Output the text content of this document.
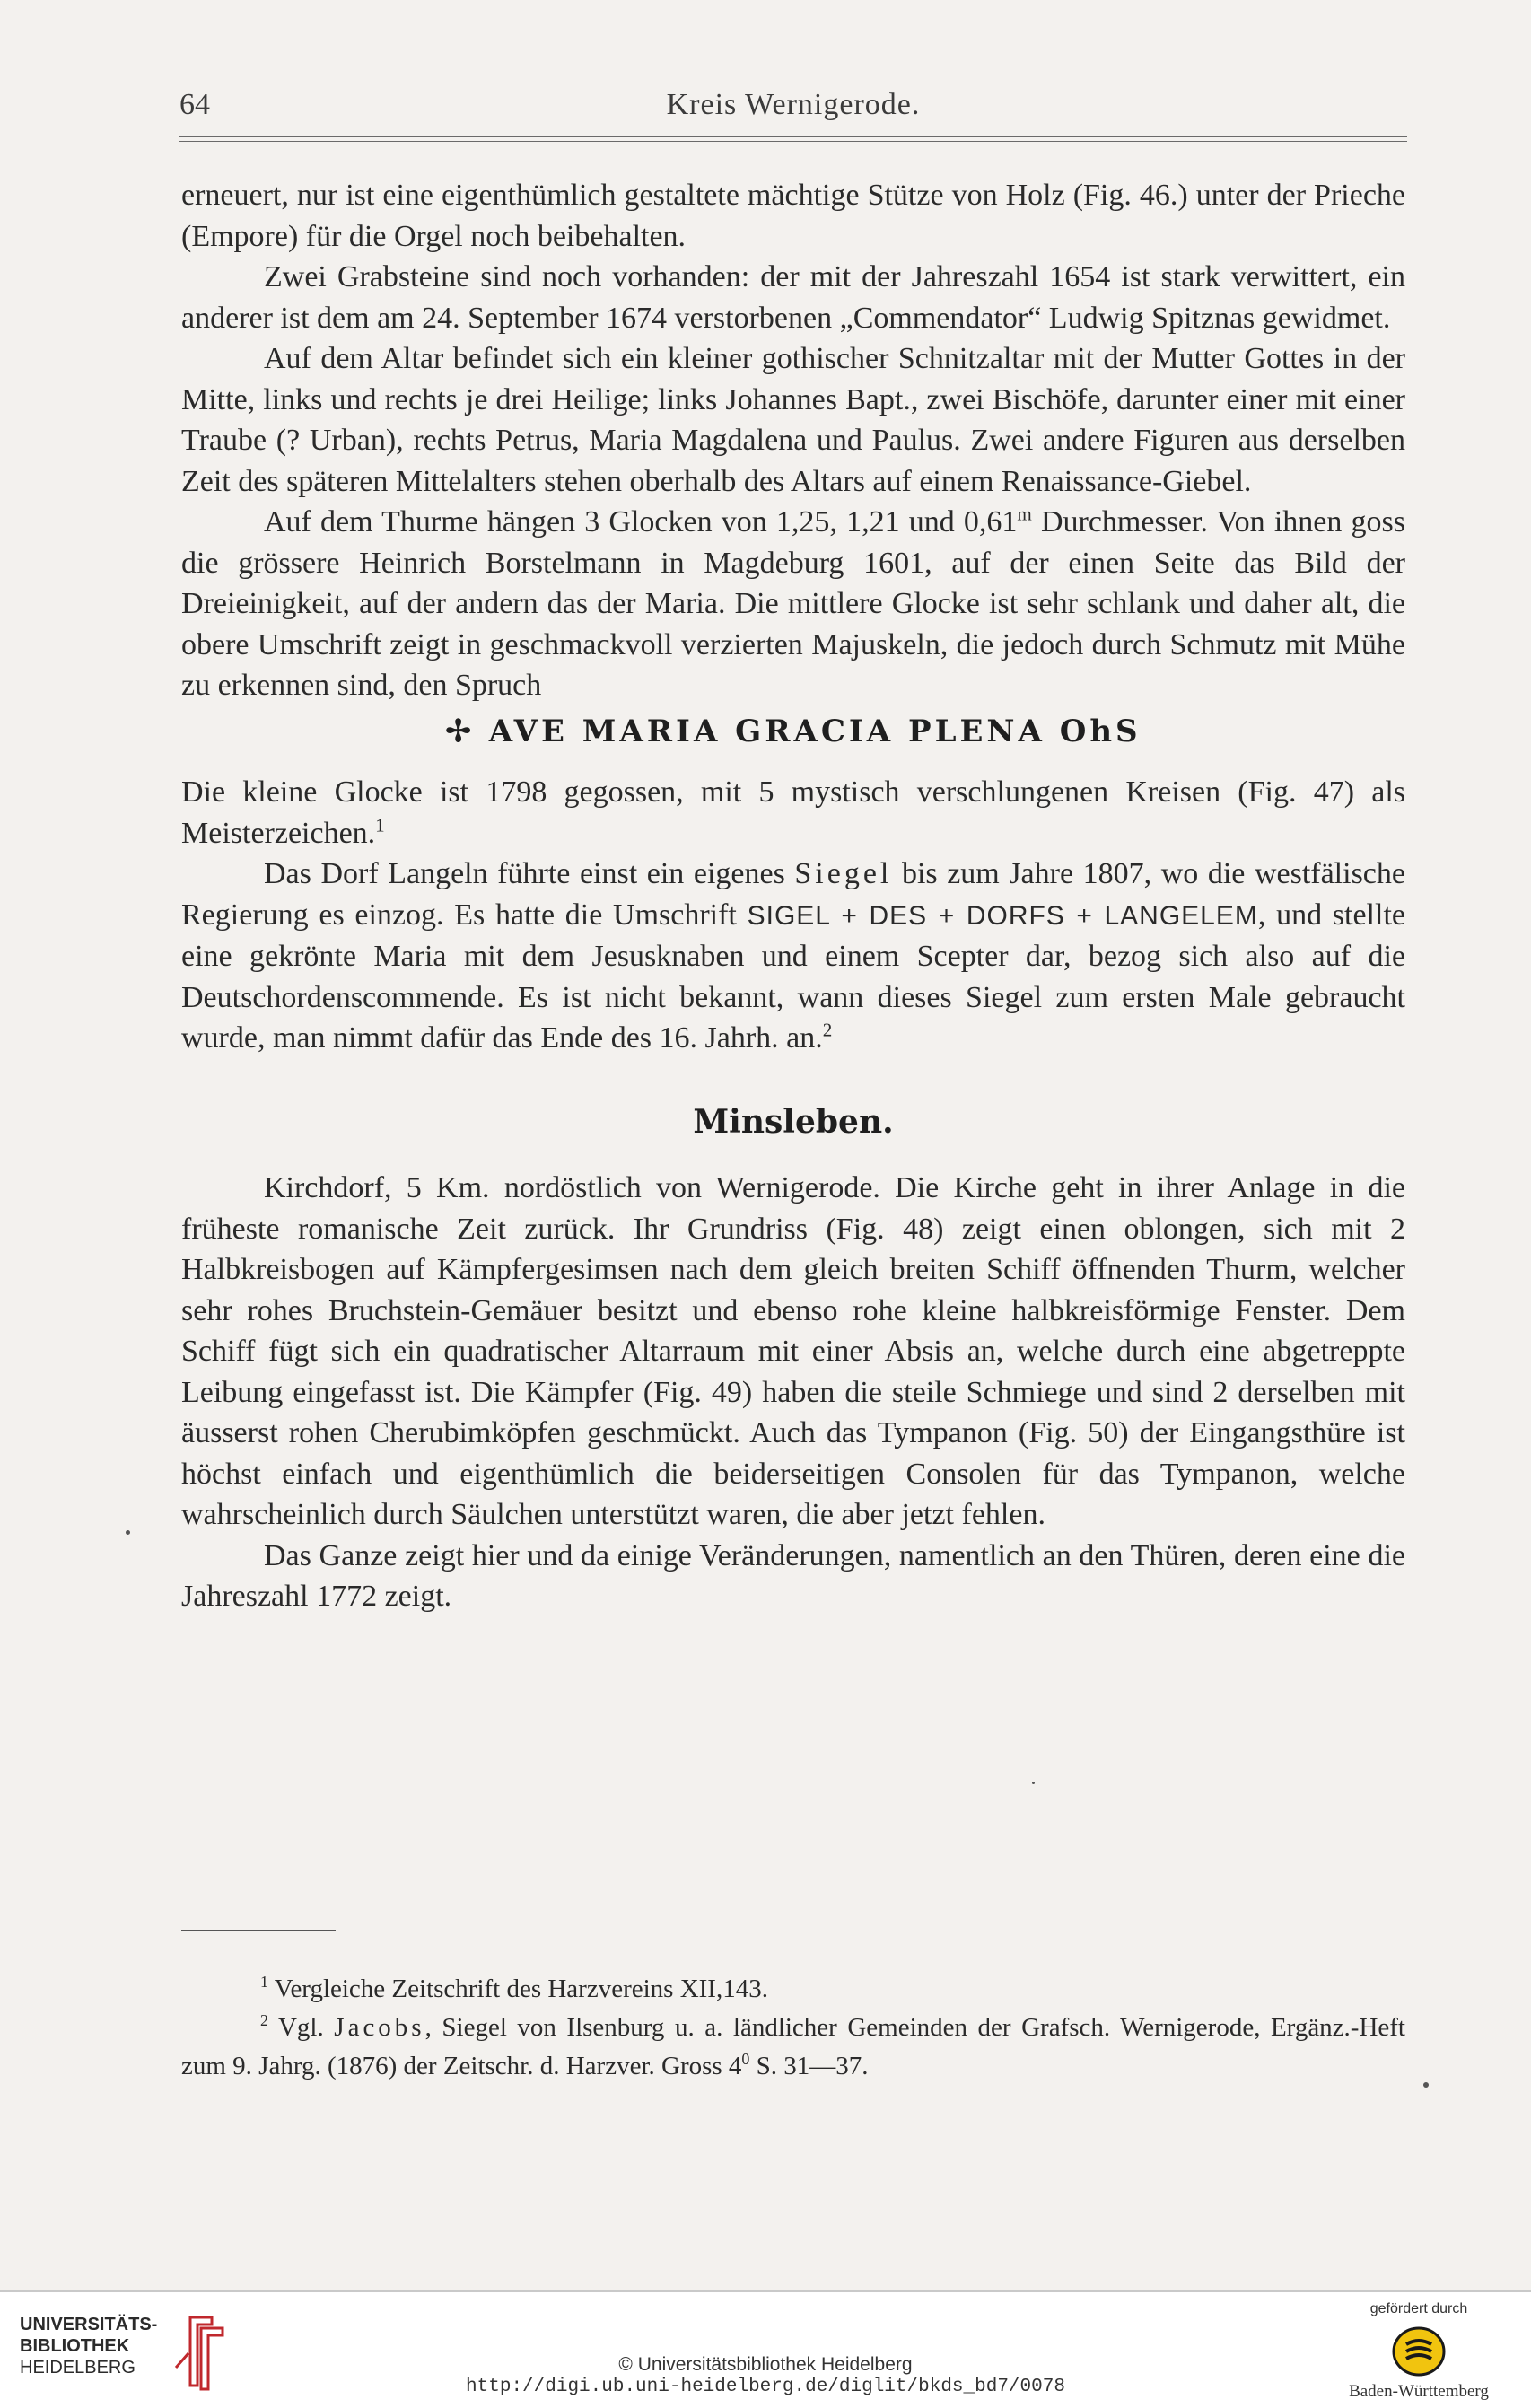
64	Kreis Wernigerode.

erneuert, nur ist eine eigenthümlich gestaltete mächtige Stütze von Holz (Fig. 46.) unter der Prieche (Empore) für die Orgel noch beibehalten.

Zwei Grabsteine sind noch vorhanden: der mit der Jahreszahl 1654 ist stark verwittert, ein anderer ist dem am 24. September 1674 verstorbenen „Commendator“ Ludwig Spitznas gewidmet.

Auf dem Altar befindet sich ein kleiner gothischer Schnitzaltar mit der Mutter Gottes in der Mitte, links und rechts je drei Heilige; links Johannes Bapt., zwei Bischöfe, darunter einer mit einer Traube (? Urban), rechts Petrus, Maria Magdalena und Paulus. Zwei andere Figuren aus derselben Zeit des späteren Mittelalters stehen oberhalb des Altars auf einem Renaissance-Giebel.

Auf dem Thurme hängen 3 Glocken von 1,25, 1,21 und 0,61$^m$ Durchmesser. Von ihnen goss die grössere Heinrich Borstelmann in Magdeburg 1601, auf der einen Seite das Bild der Dreieinigkeit, auf der andern das der Maria. Die mittlere Glocke ist sehr schlank und daher alt, die obere Umschrift zeigt in geschmackvoll verzierten Majuskeln, die jedoch durch Schmutz mit Mühe zu erkennen sind, den Spruch

✢ AVE MARIA GRACIA PLENA OhS

Die kleine Glocke ist 1798 gegossen, mit 5 mystisch verschlungenen Kreisen (Fig. 47) als Meisterzeichen.$^1$

Das Dorf Langeln führte einst ein eigenes Siegel bis zum Jahre 1807, wo die westfälische Regierung es einzog. Es hatte die Umschrift SIGEL + DES + DORFS + LANGELEM, und stellte eine gekrönte Maria mit dem Jesusknaben und einem Scepter dar, bezog sich also auf die Deutschordenscommende. Es ist nicht bekannt, wann dieses Siegel zum ersten Male gebraucht wurde, man nimmt dafür das Ende des 16. Jahrh. an.$^2$

Minsleben.

Kirchdorf, 5 Km. nordöstlich von Wernigerode. Die Kirche geht in ihrer Anlage in die früheste romanische Zeit zurück. Ihr Grundriss (Fig. 48) zeigt einen oblongen, sich mit 2 Halbkreisbogen auf Kämpfergesimsen nach dem gleich breiten Schiff öffnenden Thurm, welcher sehr rohes Bruchstein-Gemäuer besitzt und ebenso rohe kleine halbkreisförmige Fenster. Dem Schiff fügt sich ein quadratischer Altarraum mit einer Absis an, welche durch eine abgetreppte Leibung eingefasst ist. Die Kämpfer (Fig. 49) haben die steile Schmiege und sind 2 derselben mit äusserst rohen Cherubimköpfen geschmückt. Auch das Tympanon (Fig. 50) der Eingangsthüre ist höchst einfach und eigenthümlich die beiderseitigen Consolen für das Tympanon, welche wahrscheinlich durch Säulchen unterstützt waren, die aber jetzt fehlen.

Das Ganze zeigt hier und da einige Veränderungen, namentlich an den Thüren, deren eine die Jahreszahl 1772 zeigt.

$^1$ Vergleiche Zeitschrift des Harzvereins XII,143.

$^2$ Vgl. Jacobs, Siegel von Ilsenburg u. a. ländlicher Gemeinden der Grafsch. Wernigerode, Ergänz.-Heft zum 9. Jahrg. (1876) der Zeitschr. d. Harzver. Gross $4^0$ S. 31—37.

UNIVERSITÄTS-
BIBLIOTHEK
HEIDELBERG	© Universitätsbibliothek Heidelberg
http://digi.ub.uni-heidelberg.de/diglit/bkds_bd7/0078
gefördert durch
Baden-Württemberg
